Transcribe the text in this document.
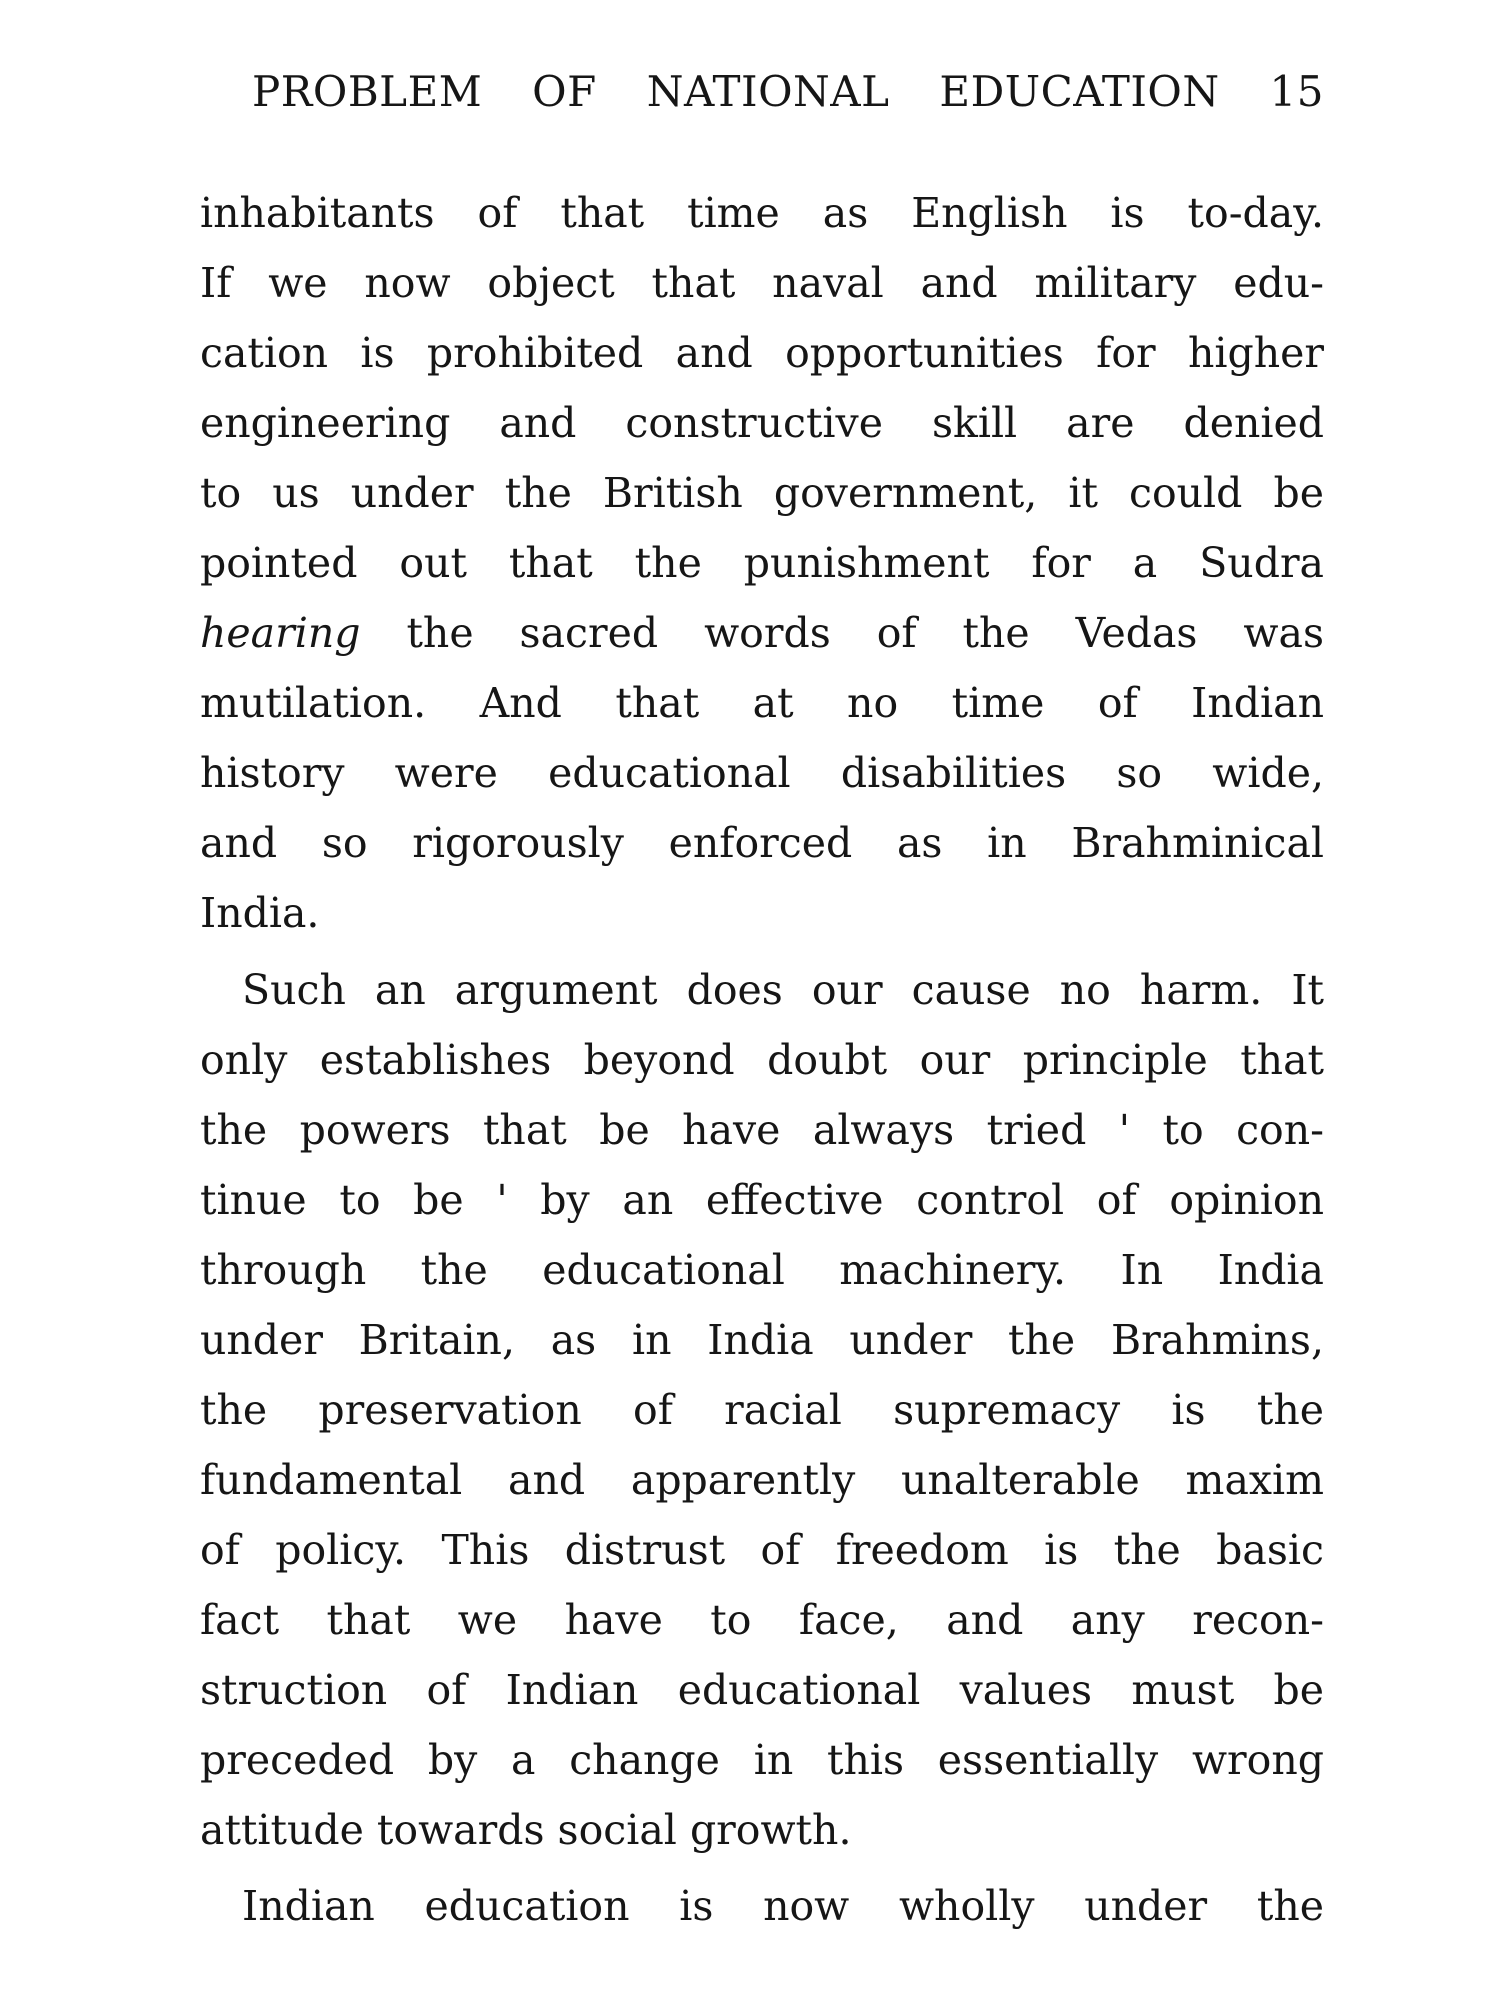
PROBLEM OF NATIONAL EDUCATION 15
inhabitants of that time as English is to-day.
If we now object that naval and military edu-
cation is prohibited and opportunities for higher
engineering and constructive skill are denied
to us under the British government, it could be
pointed out that the punishment for a Sudra
hearing the sacred words of the Vedas was
mutilation. And that at no time of Indian
history were educational disabilities so wide,
and so rigorously enforced as in Brahminical
India.
Such an argument does our cause no harm. It
only establishes beyond doubt our principle that
the powers that be have always tried ' to con-
tinue to be ' by an effective control of opinion
through the educational machinery. In India
under Britain, as in India under the Brahmins,
the preservation of racial supremacy is the
fundamental and apparently unalterable maxim
of policy. This distrust of freedom is the basic
fact that we have to face, and any recon-
struction of Indian educational values must be
preceded by a change in this essentially wrong
attitude towards social growth.
Indian education is now wholly under the
